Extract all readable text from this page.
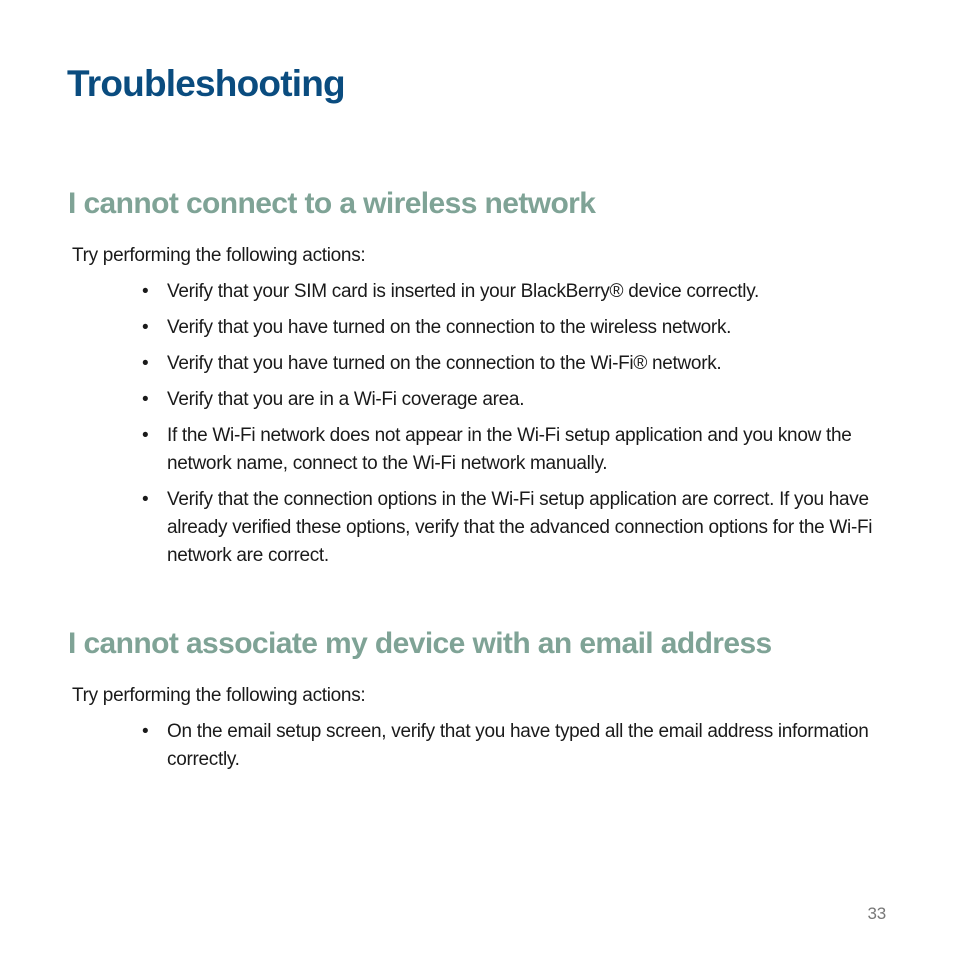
Troubleshooting
I cannot connect to a wireless network

Try performing the following actions:

• Verify that your SIM card is inserted in your BlackBerry® device correctly.
• Verify that you have turned on the connection to the wireless network.
• Verify that you have turned on the connection to the Wi-Fi® network.
• Verify that you are in a Wi-Fi coverage area.
• If the Wi-Fi network does not appear in the Wi-Fi setup application and you know the network name, connect to the Wi-Fi network manually.
• Verify that the connection options in the Wi-Fi setup application are correct. If you have already verified these options, verify that the advanced connection options for the Wi-Fi network are correct.
I cannot associate my device with an email address

Try performing the following actions:

• On the email setup screen, verify that you have typed all the email address information correctly.
33
